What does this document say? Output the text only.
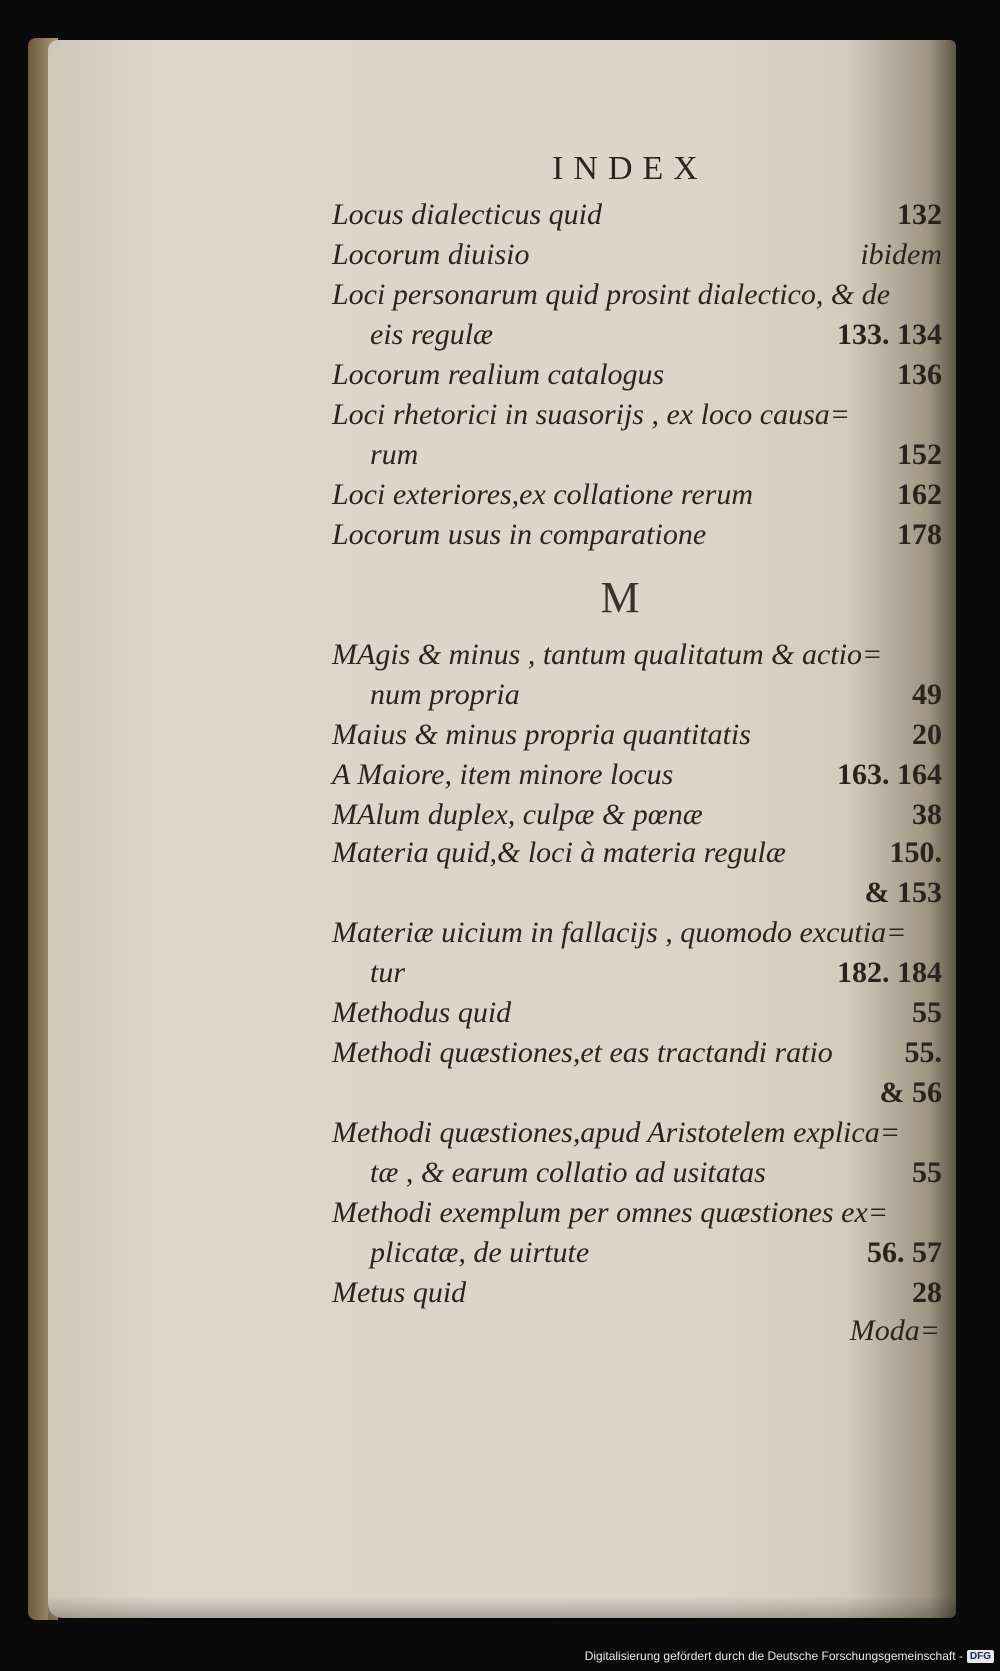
INDEX
Locus dialecticus quid	132
Locorum diuisio	ibidem
Loci personarum quid prosint dialectico, & de
eis regulæ	133. 134
Locorum realium catalogus	136
Loci rhetorici in suasorijs , ex loco causa=
rum	152
Loci exteriores,ex collatione rerum	162
Locorum usus in comparatione	178
M
MAgis & minus , tantum qualitatum & actio=
num propria	49
Maius & minus propria quantitatis	20
A Maiore, item minore locus	163. 164
MAlum duplex, culpæ & pœnæ	38
Materia quid,& loci à materia regulæ	150.
& 153
Materiæ uicium in fallacijs , quomodo excutia=
tur	182. 184
Methodus quid	55
Methodi quæstiones,et eas tractandi ratio 55.
& 56
Methodi quæstiones,apud Aristotelem explica=
tæ , & earum collatio ad usitatas	55
Methodi exemplum per omnes quæstiones ex=
plicatæ, de uirtute	56. 57
Metus quid	28
Moda=
Digitalisierung gefördert durch die Deutsche Forschungsgemeinschaft - DFG
